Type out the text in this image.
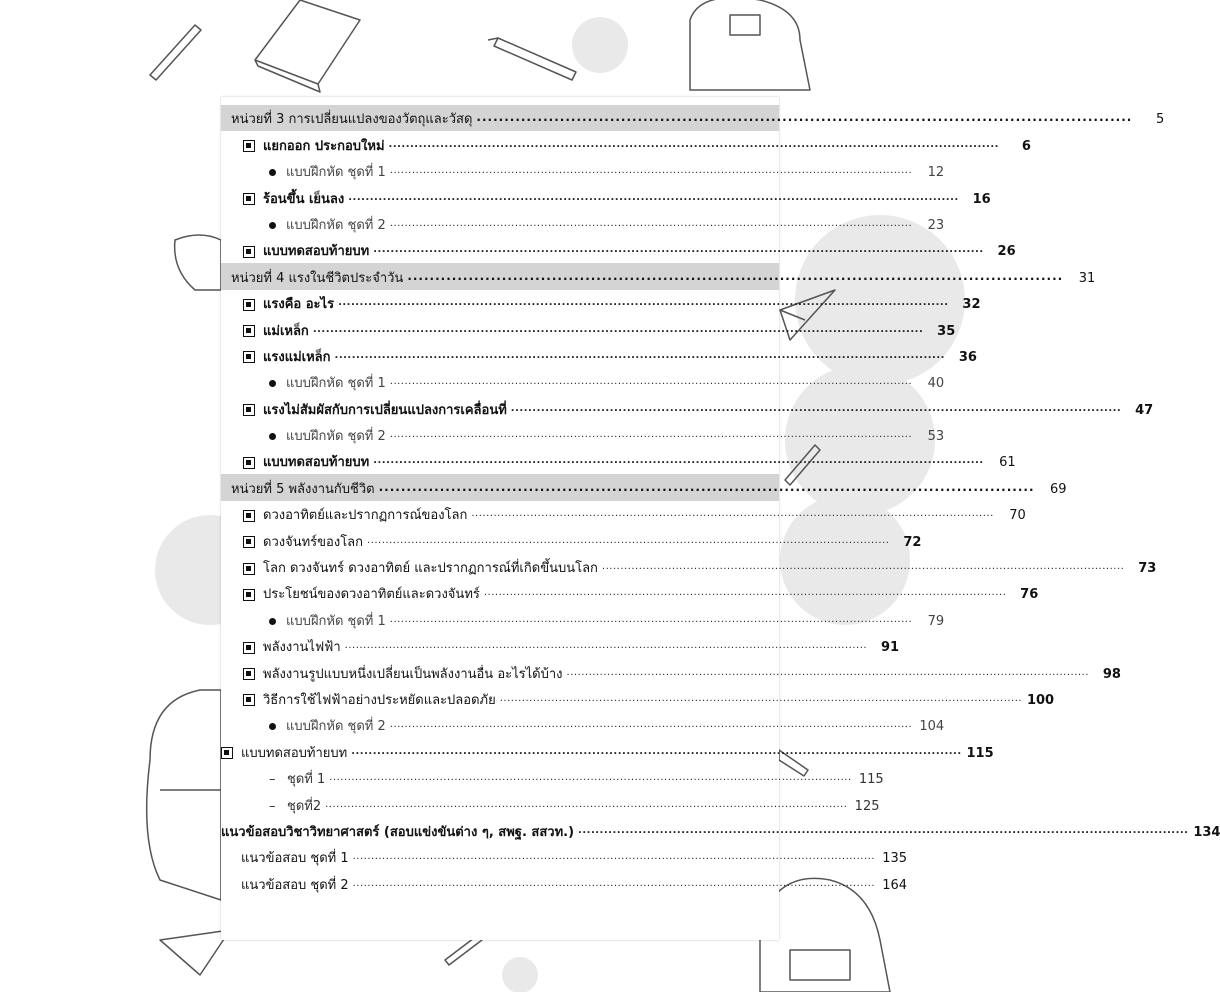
หน่วยที่ 3 การเปลี่ยนแปลงของวัตถุและวัสดุ ......................................................................................................................	5
แยกออก ประกอบใหม่ ..............................................................................................................................................	6
แบบฝึกหัด ชุดที่ 1 ..............................................................................................................................................	12
ร้อนขึ้น เย็นลง ..............................................................................................................................................	16
แบบฝึกหัด ชุดที่ 2 ..............................................................................................................................................	23
แบบทดสอบท้ายบท ..............................................................................................................................................	26
หน่วยที่ 4 แรงในชีวิตประจำวัน ......................................................................................................................	31
แรงคือ อะไร ..............................................................................................................................................	32
แม่เหล็ก ..............................................................................................................................................	35
แรงแม่เหล็ก ..............................................................................................................................................	36
แบบฝึกหัด ชุดที่ 1 ..............................................................................................................................................	40
แรงไม่สัมผัสกับการเปลี่ยนแปลงการเคลื่อนที่ ..............................................................................................................................................	47
แบบฝึกหัด ชุดที่ 2 ..............................................................................................................................................	53
แบบทดสอบท้ายบท ..............................................................................................................................................	61
หน่วยที่ 5 พลังงานกับชีวิต ......................................................................................................................	69
ดวงอาทิตย์และปรากฏการณ์ของโลก ..............................................................................................................................................	70
ดวงจันทร์ของโลก ..............................................................................................................................................	72
โลก ดวงจันทร์ ดวงอาทิตย์ และปรากฏการณ์ที่เกิดขึ้นบนโลก ..............................................................................................................................................	73
ประโยชน์ของดวงอาทิตย์และดวงจันทร์ ..............................................................................................................................................	76
แบบฝึกหัด ชุดที่ 1 ..............................................................................................................................................	79
พลังงานไฟฟ้า ..............................................................................................................................................	91
พลังงานรูปแบบหนึ่งเปลี่ยนเป็นพลังงานอื่น อะไรได้บ้าง ..............................................................................................................................................	98
วิธีการใช้ไฟฟ้าอย่างประหยัดและปลอดภัย .............................................................................................................................................. 100
แบบฝึกหัด ชุดที่ 2 .............................................................................................................................................. 104
แบบทดสอบท้ายบท .............................................................................................................................................. 115
– ชุดที่ 1 .............................................................................................................................................. 115
– ชุดที่2 .............................................................................................................................................. 125
แนวข้อสอบวิชาวิทยาศาสตร์ (สอบแข่งขันต่าง ๆ, สพฐ. สสวท.) .............................................................................................................................................. 134
แนวข้อสอบ ชุดที่ 1 .............................................................................................................................................. 135
แนวข้อสอบ ชุดที่ 2 .............................................................................................................................................. 164
